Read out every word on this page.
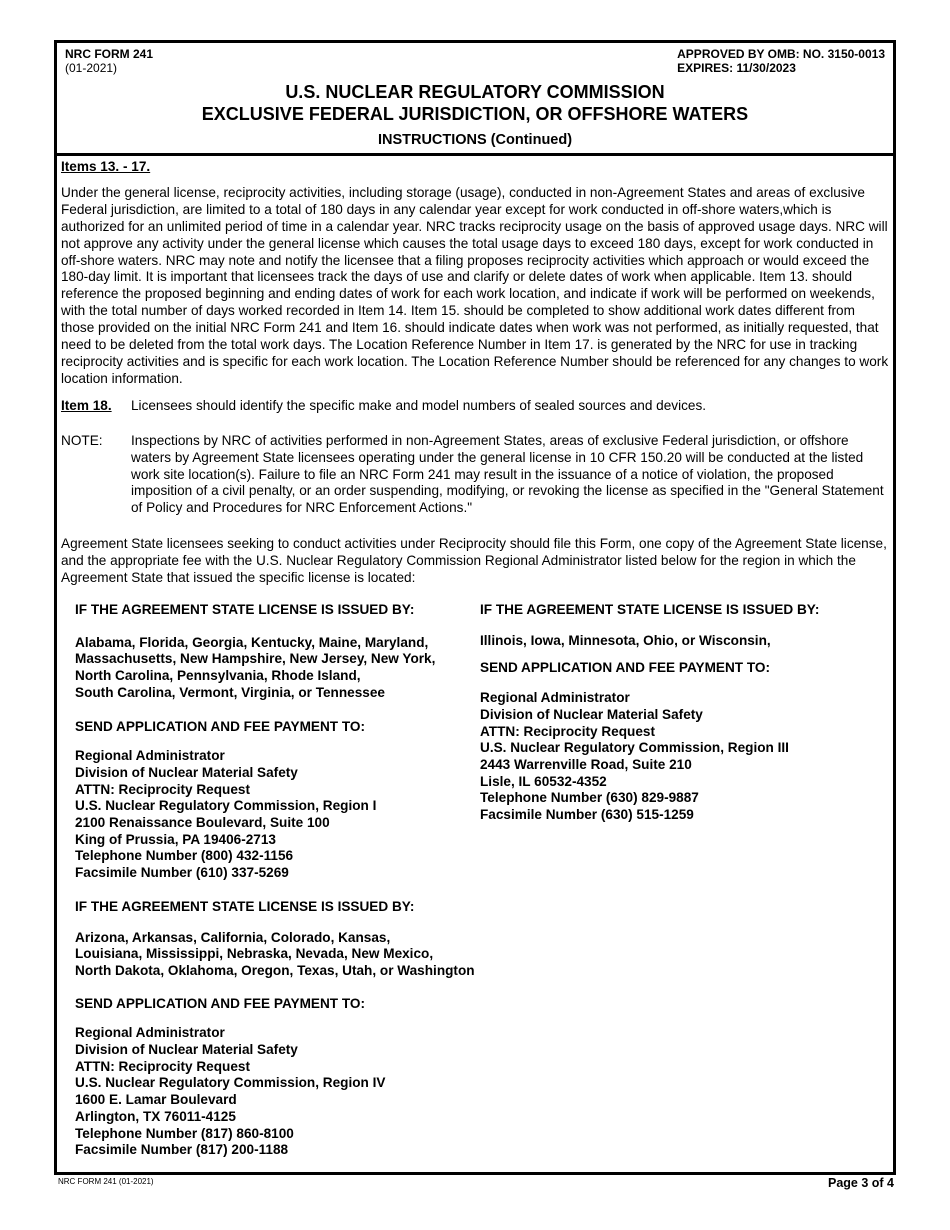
NRC FORM 241
(01-2021)
APPROVED BY OMB: NO. 3150-0013
EXPIRES: 11/30/2023
U.S. NUCLEAR REGULATORY COMMISSION
EXCLUSIVE FEDERAL JURISDICTION, OR OFFSHORE WATERS
INSTRUCTIONS (Continued)
Items 13. - 17.
Under the general license, reciprocity activities, including storage (usage), conducted in non-Agreement States and areas of exclusive Federal jurisdiction, are limited to a total of 180 days in any calendar year except for work conducted in off-shore waters,which is authorized for an unlimited period of time in a calendar year. NRC tracks reciprocity usage on the basis of approved usage days. NRC will not approve any activity under the general license which causes the total usage days to exceed 180 days, except for work conducted in off-shore waters. NRC may note and notify the licensee that a filing proposes reciprocity activities which approach or would exceed the 180-day limit. It is important that licensees track the days of use and clarify or delete dates of work when applicable. Item 13. should reference the proposed beginning and ending dates of work for each work location, and indicate if work will be performed on weekends, with the total number of days worked recorded in Item 14. Item 15. should be completed to show additional work dates different from those provided on the initial NRC Form 241 and Item 16. should indicate dates when work was not performed, as initially requested, that need to be deleted from the total work days. The Location Reference Number in Item 17. is generated by the NRC for use in tracking reciprocity activities and is specific for each work location. The Location Reference Number should be referenced for any changes to work location information.
Item 18.	Licensees should identify the specific make and model numbers of sealed sources and devices.
NOTE:	Inspections by NRC of activities performed in non-Agreement States, areas of exclusive Federal jurisdiction, or offshore waters by Agreement State licensees operating under the general license in 10 CFR 150.20 will be conducted at the listed work site location(s). Failure to file an NRC Form 241 may result in the issuance of a notice of violation, the proposed imposition of a civil penalty, or an order suspending, modifying, or revoking the license as specified in the "General Statement of Policy and Procedures for NRC Enforcement Actions."
Agreement State licensees seeking to conduct activities under Reciprocity should file this Form, one copy of the Agreement State license, and the appropriate fee with the U.S. Nuclear Regulatory Commission Regional Administrator listed below for the region in which the Agreement State that issued the specific license is located:
IF THE AGREEMENT STATE LICENSE IS ISSUED BY:
Alabama, Florida, Georgia, Kentucky, Maine, Maryland,
Massachusetts, New Hampshire, New Jersey, New York,
North Carolina, Pennsylvania, Rhode Island,
South Carolina, Vermont, Virginia, or Tennessee
SEND APPLICATION AND FEE PAYMENT TO:
Regional Administrator
Division of Nuclear Material Safety
ATTN: Reciprocity Request
U.S. Nuclear Regulatory Commission, Region I
2100 Renaissance Boulevard, Suite 100
King of Prussia, PA 19406-2713
Telephone Number (800) 432-1156
Facsimile Number (610) 337-5269
IF THE AGREEMENT STATE LICENSE IS ISSUED BY:
Arizona, Arkansas, California, Colorado, Kansas,
Louisiana, Mississippi, Nebraska, Nevada, New Mexico,
North Dakota, Oklahoma, Oregon, Texas, Utah, or Washington
SEND APPLICATION AND FEE PAYMENT TO:
Regional Administrator
Division of Nuclear Material Safety
ATTN: Reciprocity Request
U.S. Nuclear Regulatory Commission, Region IV
1600 E. Lamar Boulevard
Arlington, TX 76011-4125
Telephone Number (817) 860-8100
Facsimile Number (817) 200-1188
IF THE AGREEMENT STATE LICENSE IS ISSUED BY:
Illinois, Iowa, Minnesota, Ohio, or Wisconsin,
SEND APPLICATION AND FEE PAYMENT TO:
Regional Administrator
Division of Nuclear Material Safety
ATTN: Reciprocity Request
U.S. Nuclear Regulatory Commission, Region III
2443 Warrenville Road, Suite 210
Lisle, IL 60532-4352
Telephone Number (630) 829-9887
Facsimile Number (630) 515-1259
NRC FORM 241 (01-2021)	Page 3 of 4
